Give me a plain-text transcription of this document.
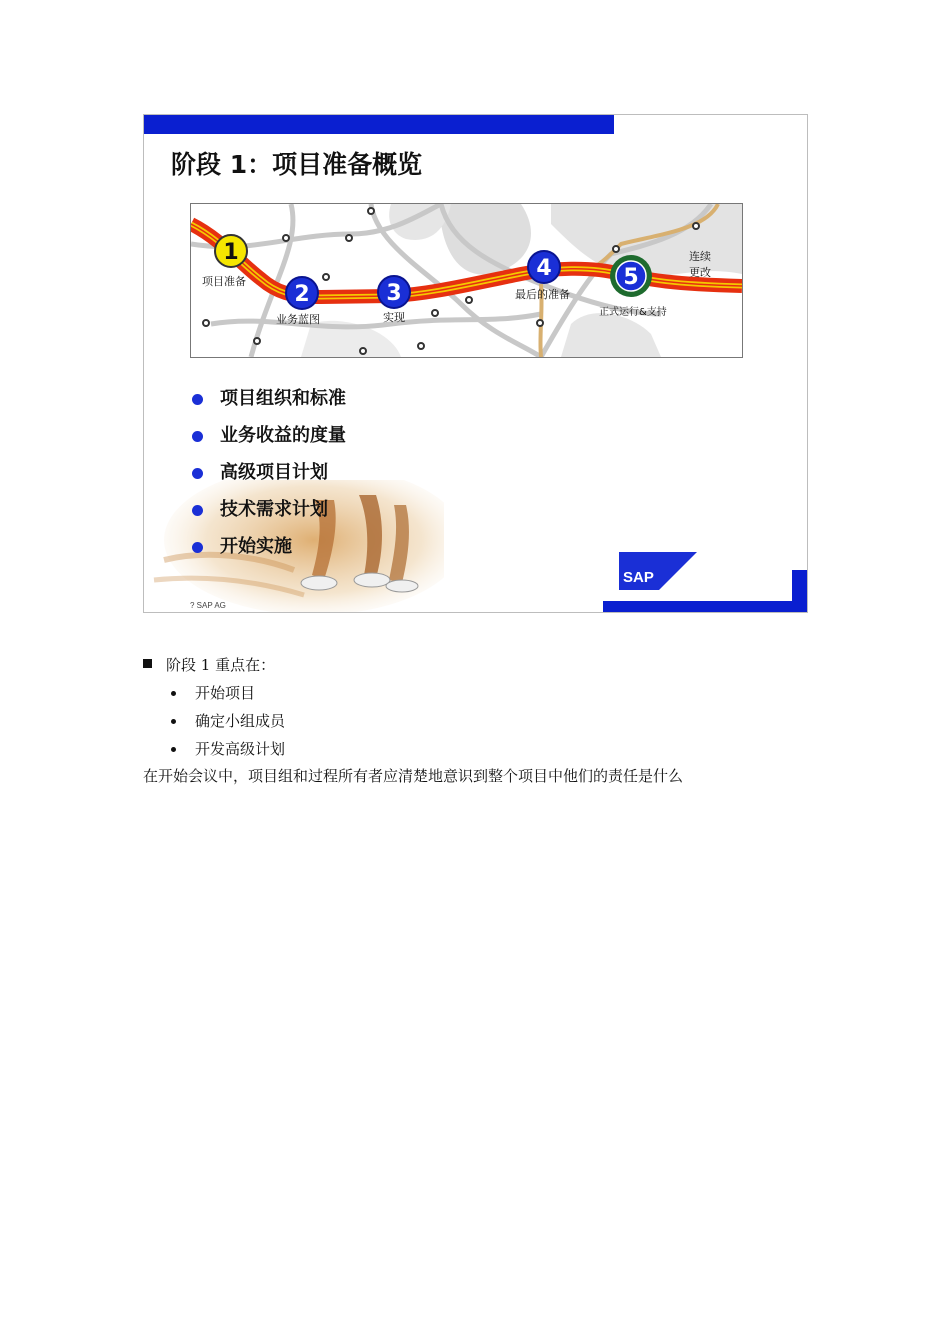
阶段 1：项目准备概览
1
2	3
4	5
项目准备
业务蓝图	实现
最后的准备
正式运行&支持
连续
更改
项目组织和标准
业务收益的度量
高级项目计划
技术需求计划
开始实施
SAP
? SAP AG
阶段 1 重点在：
开始项目
确定小组成员
开发高级计划
在开始会议中，项目组和过程所有者应清楚地意识到整个项目中他们的责任是什么
